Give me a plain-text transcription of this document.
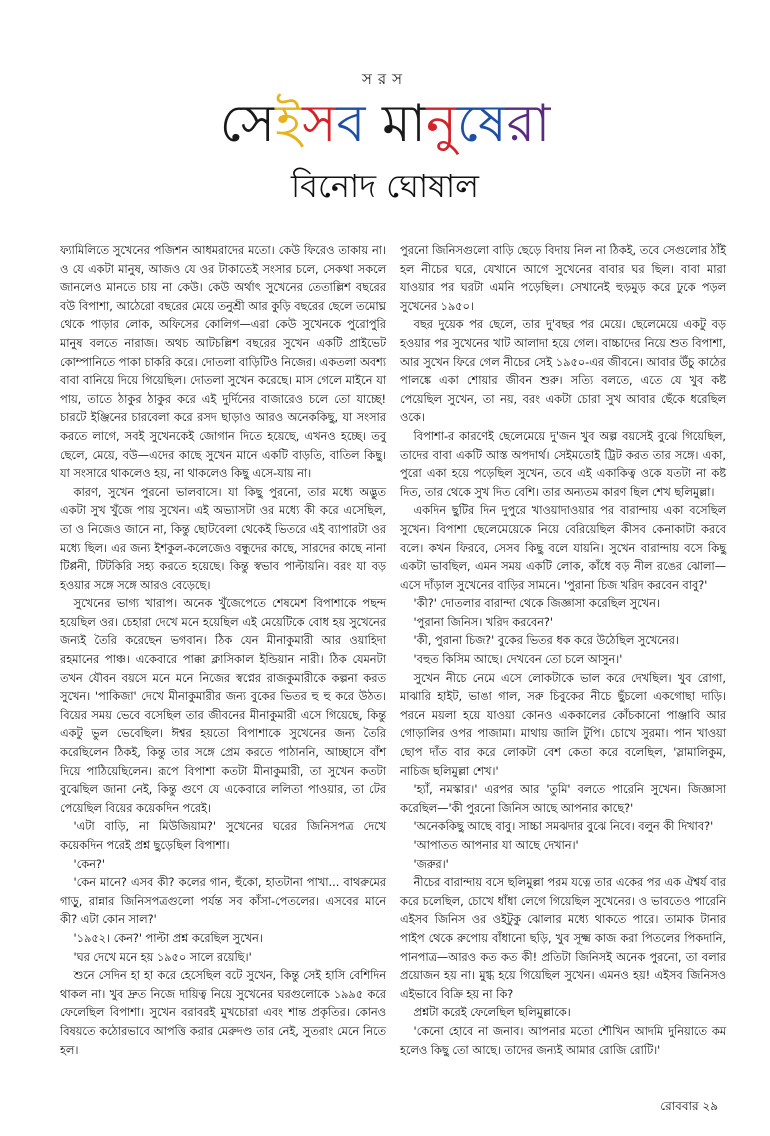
সরস
সেইসব মানুষেরা
বিনোদ ঘোষাল

ফ্যামিলিতে সুখেনের পজিশন আধমরাদের মতো। কেউ ফিরেও তাকায় না। ও যে একটা মানুষ, আজও যে ওর টাকাতেই সংসার চলে, সেকথা সকলে জানলেও মানতে চায় না কেউ। কেউ অর্থাৎ সুখেনের তেতাল্লিশ বছরের বউ বিপাশা, আঠেরো বছরের মেয়ে তনুশ্রী আর কুড়ি বছরের ছেলে তমোঘ্ন থেকে পাড়ার লোক, অফিসের কোলিগ—এরা কেউ সুখেনকে পুরোপুরি মানুষ বলতে নারাজ। অথচ আটচল্লিশ বছরের সুখেন একটি প্রাইভেট কোম্পানিতে পাকা চাকরি করে। দোতলা বাড়িটিও নিজের। একতলা অবশ্য বাবা বানিয়ে দিয়ে গিয়েছিল। দোতলা সুখেন করেছে। মাস গেলে মাইনে যা পায়, তাতে ঠাকুর ঠাকুর করে এই দুর্দিনের বাজারেও চলে তো যাচ্ছে! চারটে ইঞ্জিনের চারবেলা করে রসদ ছাড়াও আরও অনেককিছু, যা সংসার করতে লাগে, সবই সুখেনকেই জোগান দিতে হয়েছে, এখনও হচ্ছে। তবু ছেলে, মেয়ে, বউ—এদের কাছে সুখেন মানে একটি বাড়তি, বাতিল কিছু। যা সংসারে থাকলেও হয়, না থাকলেও কিছু এসে-যায় না।

কারণ, সুখেন পুরনো ভালবাসে। যা কিছু পুরনো, তার মধ্যে অদ্ভুত একটা সুখ খুঁজে পায় সুখেন। এই অভ্যাসটা ওর মধ্যে কী করে এসেছিল, তা ও নিজেও জানে না, কিন্তু ছোটবেলা থেকেই ভিতরে এই ব্যাপারটা ওর মধ্যে ছিল। এর জন্য ইশকুল-কলেজেও বন্ধুদের কাছে, সারদের কাছে নানা টিপ্পনী, টিটকিরি সহ্য করতে হয়েছে। কিন্তু স্বভাব পাল্টায়নি। বরং যা বড় হওয়ার সঙ্গে সঙ্গে আরও বেড়েছে।

সুখেনের ভাগ্য খারাপ। অনেক খুঁজেপেতে শেষমেশ বিপাশাকে পছন্দ হয়েছিল ওর। চেহারা দেখে মনে হয়েছিল এই মেয়েটিকে বোধ হয় সুখেনের জন্যই তৈরি করেছেন ভগবান। ঠিক যেন মীনাকুমারী আর ওয়াহিদা রহমানের পাঞ্চ। একেবারে পাক্কা ক্লাসিকাল ইন্ডিয়ান নারী। ঠিক যেমনটা তখন যৌবন বয়সে মনে মনে নিজের স্বপ্নের রাজকুমারীকে কল্পনা করত সুখেন। 'পাকিজা' দেখে মীনাকুমারীর জন্য বুকের ভিতর হু হু করে উঠত। বিয়ের সময় ভেবে বসেছিল তার জীবনের মীনাকুমারী এসে গিয়েছে, কিন্তু একটু ভুল ভেবেছিল। ঈশ্বর হয়তো বিপাশাকে সুখেনের জন্য তৈরি করেছিলেন ঠিকই, কিন্তু তার সঙ্গে প্রেম করতে পাঠাননি, আচ্ছাসে বাঁশ দিয়ে পাঠিয়েছিলেন। রূপে বিপাশা কতটা মীনাকুমারী, তা সুখেন কতটা বুঝেছিল জানা নেই, কিন্তু গুণে যে একেবারে ললিতা পাওয়ার, তা টের পেয়েছিল বিয়ের কয়েকদিন পরেই।

'এটা বাড়ি, না মিউজিয়াম?' সুখেনের ঘরের জিনিসপত্র দেখে কয়েকদিন পরেই প্রশ্ন ছুড়েছিল বিপাশা।

'কেন?'

'কেন মানে? এসব কী? কলের গান, হুঁকো, হাতটানা পাখা... বাথরুমের গাড়ু, রান্নার জিনিসপত্রগুলো পর্যন্ত সব কাঁসা-পেতলের। এসবের মানে কী? এটা কোন সাল?'

'১৯৫২। কেন?' পাল্টা প্রশ্ন করেছিল সুখেন।

'ঘর দেখে মনে হয় ১৯৫০ সালে রয়েছি।'

শুনে সেদিন হা হা করে হেসেছিল বটে সুখেন, কিন্তু সেই হাসি বেশিদিন থাকল না। খুব দ্রুত নিজে দায়িত্ব নিয়ে সুখেনের ঘরগুলোকে ১৯৯৫ করে ফেলেছিল বিপাশা। সুখেন বরাবরই মুখচোরা এবং শান্ত প্রকৃতির। কোনও বিষয়তে কঠোরভাবে আপত্তি করার মেরুদণ্ড তার নেই, সুতরাং মেনে নিতে হল।

পুরনো জিনিসগুলো বাড়ি ছেড়ে বিদায় নিল না ঠিকই, তবে সেগুলোর ঠাঁই হল নীচের ঘরে, যেখানে আগে সুখেনের বাবার ঘর ছিল। বাবা মারা যাওয়ার পর ঘরটা এমনি পড়েছিল। সেখানেই হুড়মুড় করে ঢুকে পড়ল সুখেনের ১৯৫০।

বছর দুয়েক পর ছেলে, তার দু'বছর পর মেয়ে। ছেলেমেয়ে একটু বড় হওয়ার পর সুখেনের খাট আলাদা হয়ে গেল। বাচ্চাদের নিয়ে শুত বিপাশা, আর সুখেন ফিরে গেল নীচের সেই ১৯৫০-এর জীবনে। আবার উঁচু কাঠের পালঙ্কে একা শোয়ার জীবন শুরু। সত্যি বলতে, এতে যে খুব কষ্ট পেয়েছিল সুখেন, তা নয়, বরং একটা চোরা সুখ আবার ছেঁকে ধরেছিল ওকে।

বিপাশা-র কারণেই ছেলেমেয়ে দু'জন খুব অল্প বয়সেই বুঝে গিয়েছিল, তাদের বাবা একটি আস্ত অপদার্থ। সেইমতোই ট্রিট করত তার সঙ্গে। একা, পুরো একা হয়ে পড়েছিল সুখেন, তবে এই একাকিত্ব ওকে যতটা না কষ্ট দিত, তার থেকে সুখ দিত বেশি। তার অন্যতম কারণ ছিল শেখ ছলিমুল্লা।

একদিন ছুটির দিন দুপুরে খাওয়াদাওয়ার পর বারান্দায় একা বসেছিল সুখেন। বিপাশা ছেলেমেয়েকে নিয়ে বেরিয়েছিল কীসব কেনাকাটা করবে বলে। কখন ফিরবে, সেসব কিছু বলে যায়নি। সুখেন বারান্দায় বসে কিছু একটা ভাবছিল, এমন সময় একটি লোক, কাঁধে বড় নীল রঙের ঝোলা—এসে দাঁড়াল সুখেনের বাড়ির সামনে। 'পুরানা চিজ খরিদ করবেন বাবু?'

'কী?' দোতলার বারান্দা থেকে জিজ্ঞাসা করেছিল সুখেন।

'পুরানা জিনিস। খরিদ করবেন?'

'কী, পুরানা চিজ?' বুকের ভিতর ধক করে উঠেছিল সুখেনের।

'বহুত কিসিম আছে। দেখবেন তো চলে আসুন।'

সুখেন নীচে নেমে এসে লোকটাকে ভাল করে দেখছিল। খুব রোগা, মাঝারি হাইট, ভাঙা গাল, সরু চিবুকের নীচে ছুঁচলো একগোছা দাড়ি। পরনে ময়লা হয়ে যাওয়া কোনও এককালের কোঁচকানো পাঞ্জাবি আর গোড়ালির ওপর পাজামা। মাথায় জালি টুপি। চোখে সুরমা। পান খাওয়া ছোপ দাঁত বার করে লোকটা বেশ কেতা করে বলেছিল, 'স্লামালিকুম, নাচিজ ছলিমুল্লা শেখ।'

'হ্যাঁ, নমস্কার।' এরপর আর 'তুমি' বলতে পারেনি সুখেন। জিজ্ঞাসা করেছিল—'কী পুরনো জিনিস আছে আপনার কাছে?'

'অনেককিছু আছে বাবু। সাচ্চা সমঝদার বুঝে নিবে। বলুন কী দিখাব?'

'আপাতত আপনার যা আছে দেখান।'

'জরুর।'

নীচের বারান্দায় বসে ছলিমুল্লা পরম যত্নে তার একের পর এক ঐশ্বর্য বার করে চলেছিল, চোখে ধাঁধা লেগে গিয়েছিল সুখেনের। ও ভাবতেও পারেনি এইসব জিনিস ওর ওইটুকু ঝোলার মধ্যে থাকতে পারে। তামাক টানার পাইপ থেকে রুপোয় বাঁধানো ছড়ি, খুব সূক্ষ্ম কাজ করা পিতলের পিকদানি, পানপাত্র—আরও কত কত কী! প্রতিটা জিনিসই অনেক পুরনো, তা বলার প্রয়োজন হয় না। মুগ্ধ হয়ে গিয়েছিল সুখেন। এমনও হয়! এইসব জিনিসও এইভাবে বিক্রি হয় না কি?

প্রশ্নটা করেই ফেলেছিল ছলিমুল্লাকে।

'কেনো হোবে না জনাব। আপনার মতো শৌখিন আদমি দুনিয়াতে কম হলেও কিছু তো আছে। তাদের জন্যই আমার রোজি রোটি।'

রোববার ২৯
